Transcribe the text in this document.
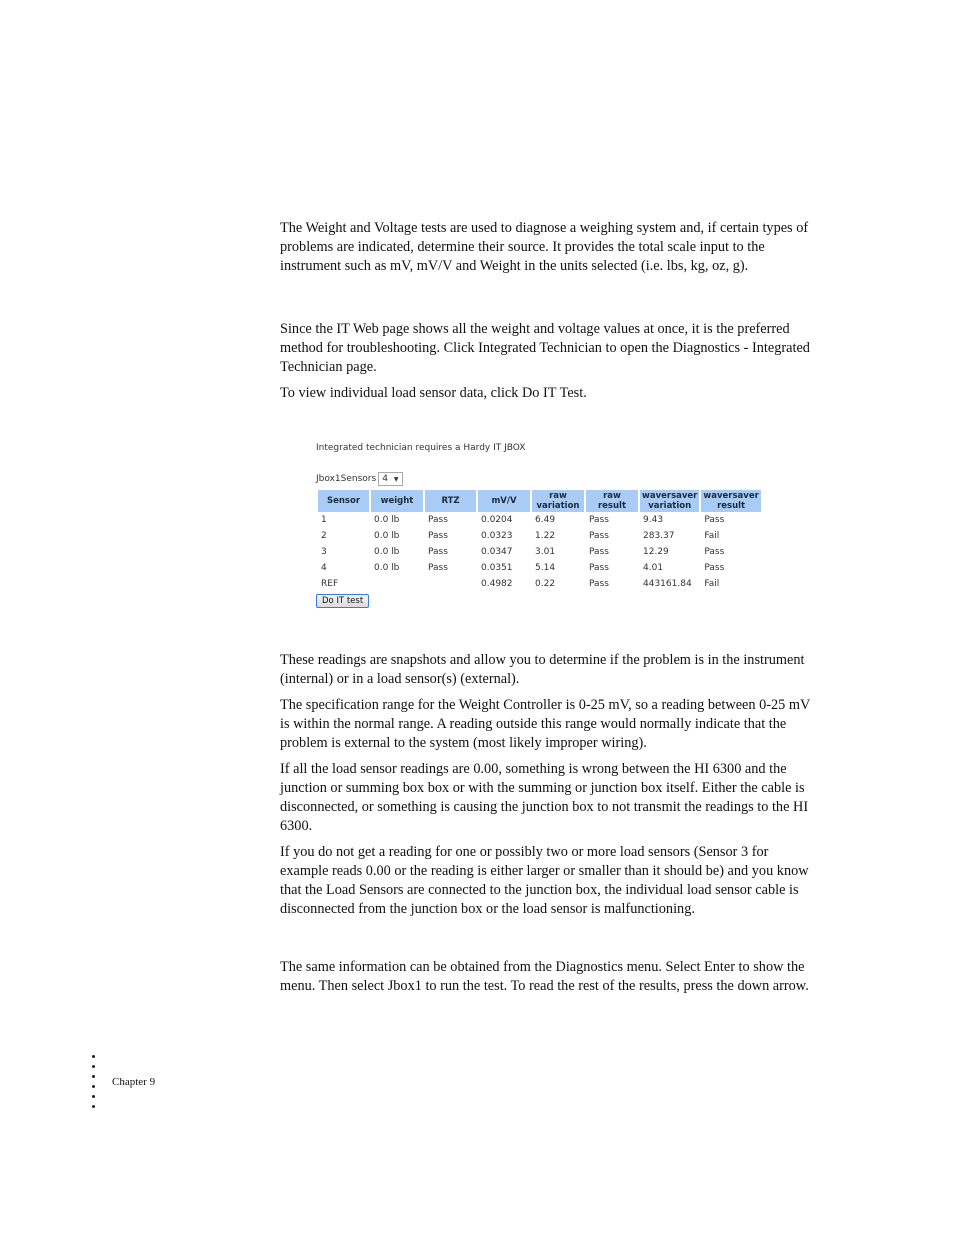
The Weight and Voltage tests are used to diagnose a weighing system and, if certain types of problems are indicated, determine their source. It provides the total scale input to the instrument such as mV, mV/V and Weight in the units selected (i.e. lbs, kg, oz, g).

Since the IT Web page shows all the weight and voltage values at once, it is the preferred method for troubleshooting. Click Integrated Technician to open the Diagnostics - Integrated Technician page.

To view individual load sensor data, click Do IT Test.

Integrated technician requires a Hardy IT JBOX
Jbox1Sensors 4 ▼
Sensor	weight	RTZ	mV/V	raw variation	raw result	waversaver variation	waversaver result
1	0.0 lb	Pass	0.0204	6.49	Pass	9.43	Pass
2	0.0 lb	Pass	0.0323	1.22	Pass	283.37	Fail
3	0.0 lb	Pass	0.0347	3.01	Pass	12.29	Pass
4	0.0 lb	Pass	0.0351	5.14	Pass	4.01	Pass
REF			0.4982	0.22	Pass	443161.84	Fail
Do IT test

These readings are snapshots and allow you to determine if the problem is in the instrument (internal) or in a load sensor(s) (external).

The specification range for the Weight Controller is 0-25 mV, so a reading between 0-25 mV is within the normal range. A reading outside this range would normally indicate that the problem is external to the system (most likely improper wiring).

If all the load sensor readings are 0.00, something is wrong between the HI 6300 and the junction or summing box box or with the summing or junction box itself. Either the cable is disconnected, or something is causing the junction box to not transmit the readings to the HI 6300.

If you do not get a reading for one or possibly two or more load sensors (Sensor 3 for example reads 0.00 or the reading is either larger or smaller than it should be) and you know that the Load Sensors are connected to the junction box, the individual load sensor cable is disconnected from the junction box or the load sensor is malfunctioning.

The same information can be obtained from the Diagnostics menu. Select Enter to show the menu. Then select Jbox1 to run the test. To read the rest of the results, press the down arrow.

Chapter 9
